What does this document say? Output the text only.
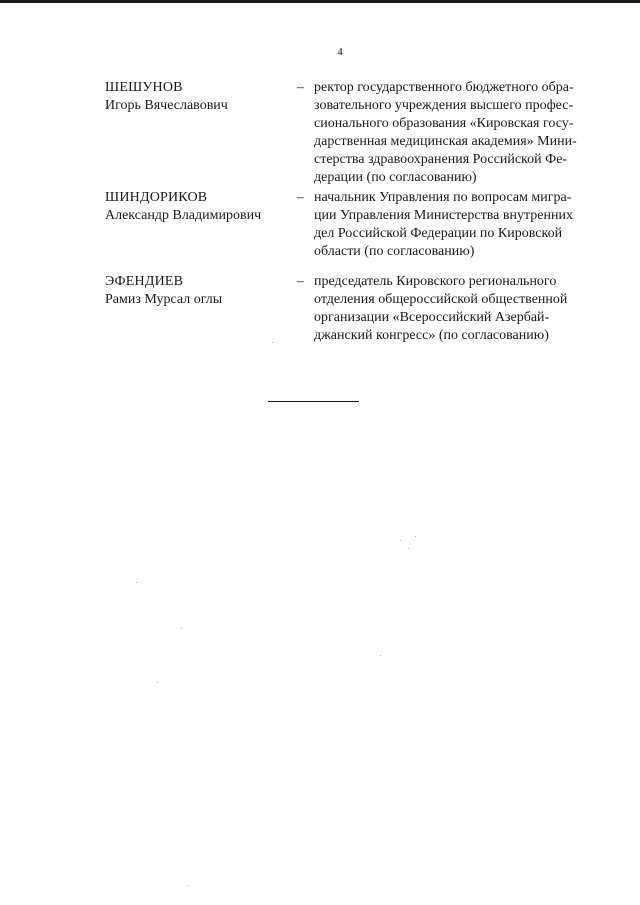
4
ШЕШУНОВ
Игорь Вячеславович
– ректор государственного бюджетного обра-
зовательного учреждения высшего профес-
сионального образования «Кировская госу-
дарственная медицинская академия» Мини-
стерства здравоохранения Российской Фе-
дерации (по согласованию)
ШИНДОРИКОВ
Александр Владимирович
– начальник Управления по вопросам мигра-
ции Управления Министерства внутренних
дел Российской Федерации по Кировской
области (по согласованию)
ЭФЕНДИЕВ
Рамиз Мурсал оглы
– председатель Кировского регионального
отделения общероссийской общественной
организации «Всероссийский Азербай-
джанский конгресс» (по согласованию)
